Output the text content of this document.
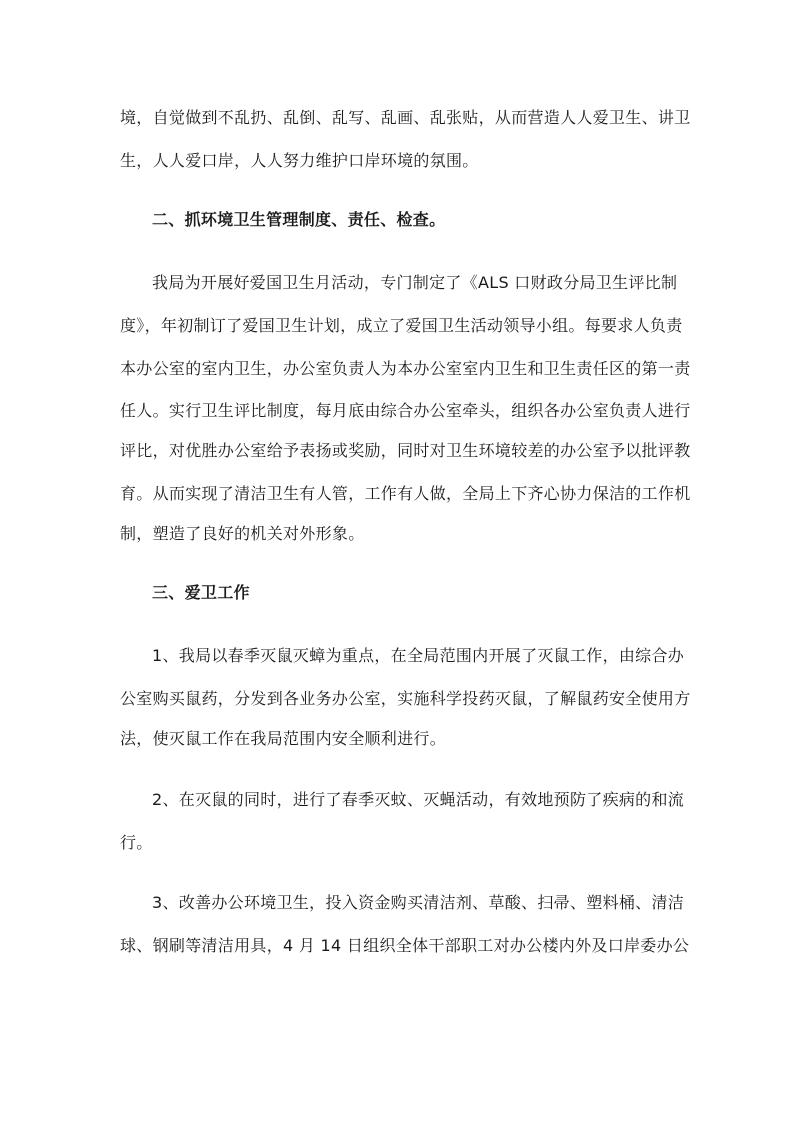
境，自觉做到不乱扔、乱倒、乱写、乱画、乱张贴，从而营造人人爱卫生、讲卫
生，人人爱口岸，人人努力维护口岸环境的氛围。
二、抓环境卫生管理制度、责任、检查。
我局为开展好爱国卫生月活动，专门制定了《ALS 口财政分局卫生评比制
度》，年初制订了爱国卫生计划，成立了爱国卫生活动领导小组。每要求人负责
本办公室的室内卫生，办公室负责人为本办公室室内卫生和卫生责任区的第一责
任人。实行卫生评比制度，每月底由综合办公室牵头，组织各办公室负责人进行
评比，对优胜办公室给予表扬或奖励，同时对卫生环境较差的办公室予以批评教
育。从而实现了清洁卫生有人管，工作有人做，全局上下齐心协力保洁的工作机
制，塑造了良好的机关对外形象。
三、爱卫工作
1、我局以春季灭鼠灭蟑为重点，在全局范围内开展了灭鼠工作，由综合办
公室购买鼠药，分发到各业务办公室，实施科学投药灭鼠，了解鼠药安全使用方
法，使灭鼠工作在我局范围内安全顺利进行。
2、在灭鼠的同时，进行了春季灭蚊、灭蝇活动，有效地预防了疾病的和流
行。
3、改善办公环境卫生，投入资金购买清洁剂、草酸、扫帚、塑料桶、清洁
球、钢刷等清洁用具，4 月 14 日组织全体干部职工对办公楼内外及口岸委办公
